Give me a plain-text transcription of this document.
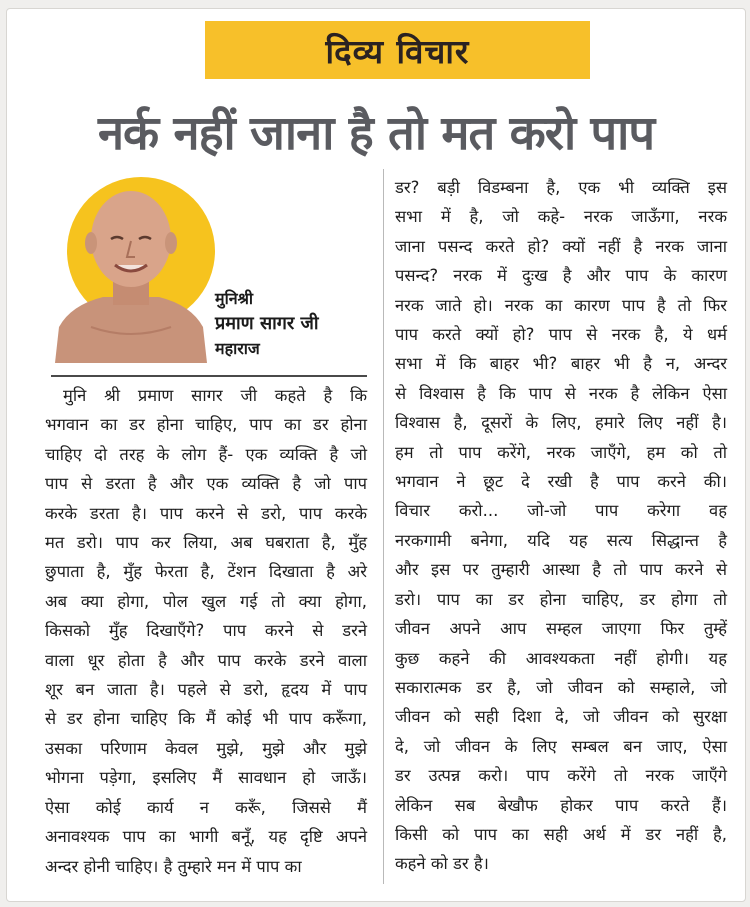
दिव्य विचार
नर्क नहीं जाना है तो मत करो पाप
मुनिश्री
प्रमाण सागर जी
महाराज
मुनि श्री प्रमाण सागर जी कहते है कि
भगवान का डर होना चाहिए, पाप का डर होना
चाहिए दो तरह के लोग हैं- एक व्यक्ति है जो
पाप से डरता है और एक व्यक्ति है जो पाप
करके डरता है। पाप करने से डरो, पाप करके
मत डरो। पाप कर लिया, अब घबराता है, मुँह
छुपाता है, मुँह फेरता है, टेंशन दिखाता है अरे
अब क्या होगा, पोल खुल गई तो क्या होगा,
किसको मुँह दिखाएँगे? पाप करने से डरने
वाला धूर होता है और पाप करके डरने वाला
शूर बन जाता है। पहले से डरो, हृदय में पाप
से डर होना चाहिए कि मैं कोई भी पाप करूँगा,
उसका परिणाम केवल मुझे, मुझे और मुझे
भोगना पड़ेगा, इसलिए मैं सावधान हो जाऊँ।
ऐसा कोई कार्य न करूँ, जिससे मैं
अनावश्यक पाप का भागी बनूँ, यह दृष्टि अपने
अन्दर होनी चाहिए। है तुम्हारे मन में पाप का
डर? बड़ी विडम्बना है, एक भी व्यक्ति इस
सभा में है, जो कहे- नरक जाऊँगा, नरक
जाना पसन्द करते हो? क्यों नहीं है नरक जाना
पसन्द? नरक में दुःख है और पाप के कारण
नरक जाते हो। नरक का कारण पाप है तो फिर
पाप करते क्यों हो? पाप से नरक है, ये धर्म
सभा में कि बाहर भी? बाहर भी है न, अन्दर
से विश्वास है कि पाप से नरक है लेकिन ऐसा
विश्वास है, दूसरों के लिए, हमारे लिए नहीं है।
हम तो पाप करेंगे, नरक जाएँगे, हम को तो
भगवान ने छूट दे रखी है पाप करने की।
विचार करो... जो-जो पाप करेगा वह
नरकगामी बनेगा, यदि यह सत्य सिद्धान्त है
और इस पर तुम्हारी आस्था है तो पाप करने से
डरो। पाप का डर होना चाहिए, डर होगा तो
जीवन अपने आप सम्हल जाएगा फिर तुम्हें
कुछ कहने की आवश्यकता नहीं होगी। यह
सकारात्मक डर है, जो जीवन को सम्हाले, जो
जीवन को सही दिशा दे, जो जीवन को सुरक्षा
दे, जो जीवन के लिए सम्बल बन जाए, ऐसा
डर उत्पन्न करो। पाप करेंगे तो नरक जाएँगे
लेकिन सब बेखौफ होकर पाप करते हैं।
किसी को पाप का सही अर्थ में डर नहीं है,
कहने को डर है।
